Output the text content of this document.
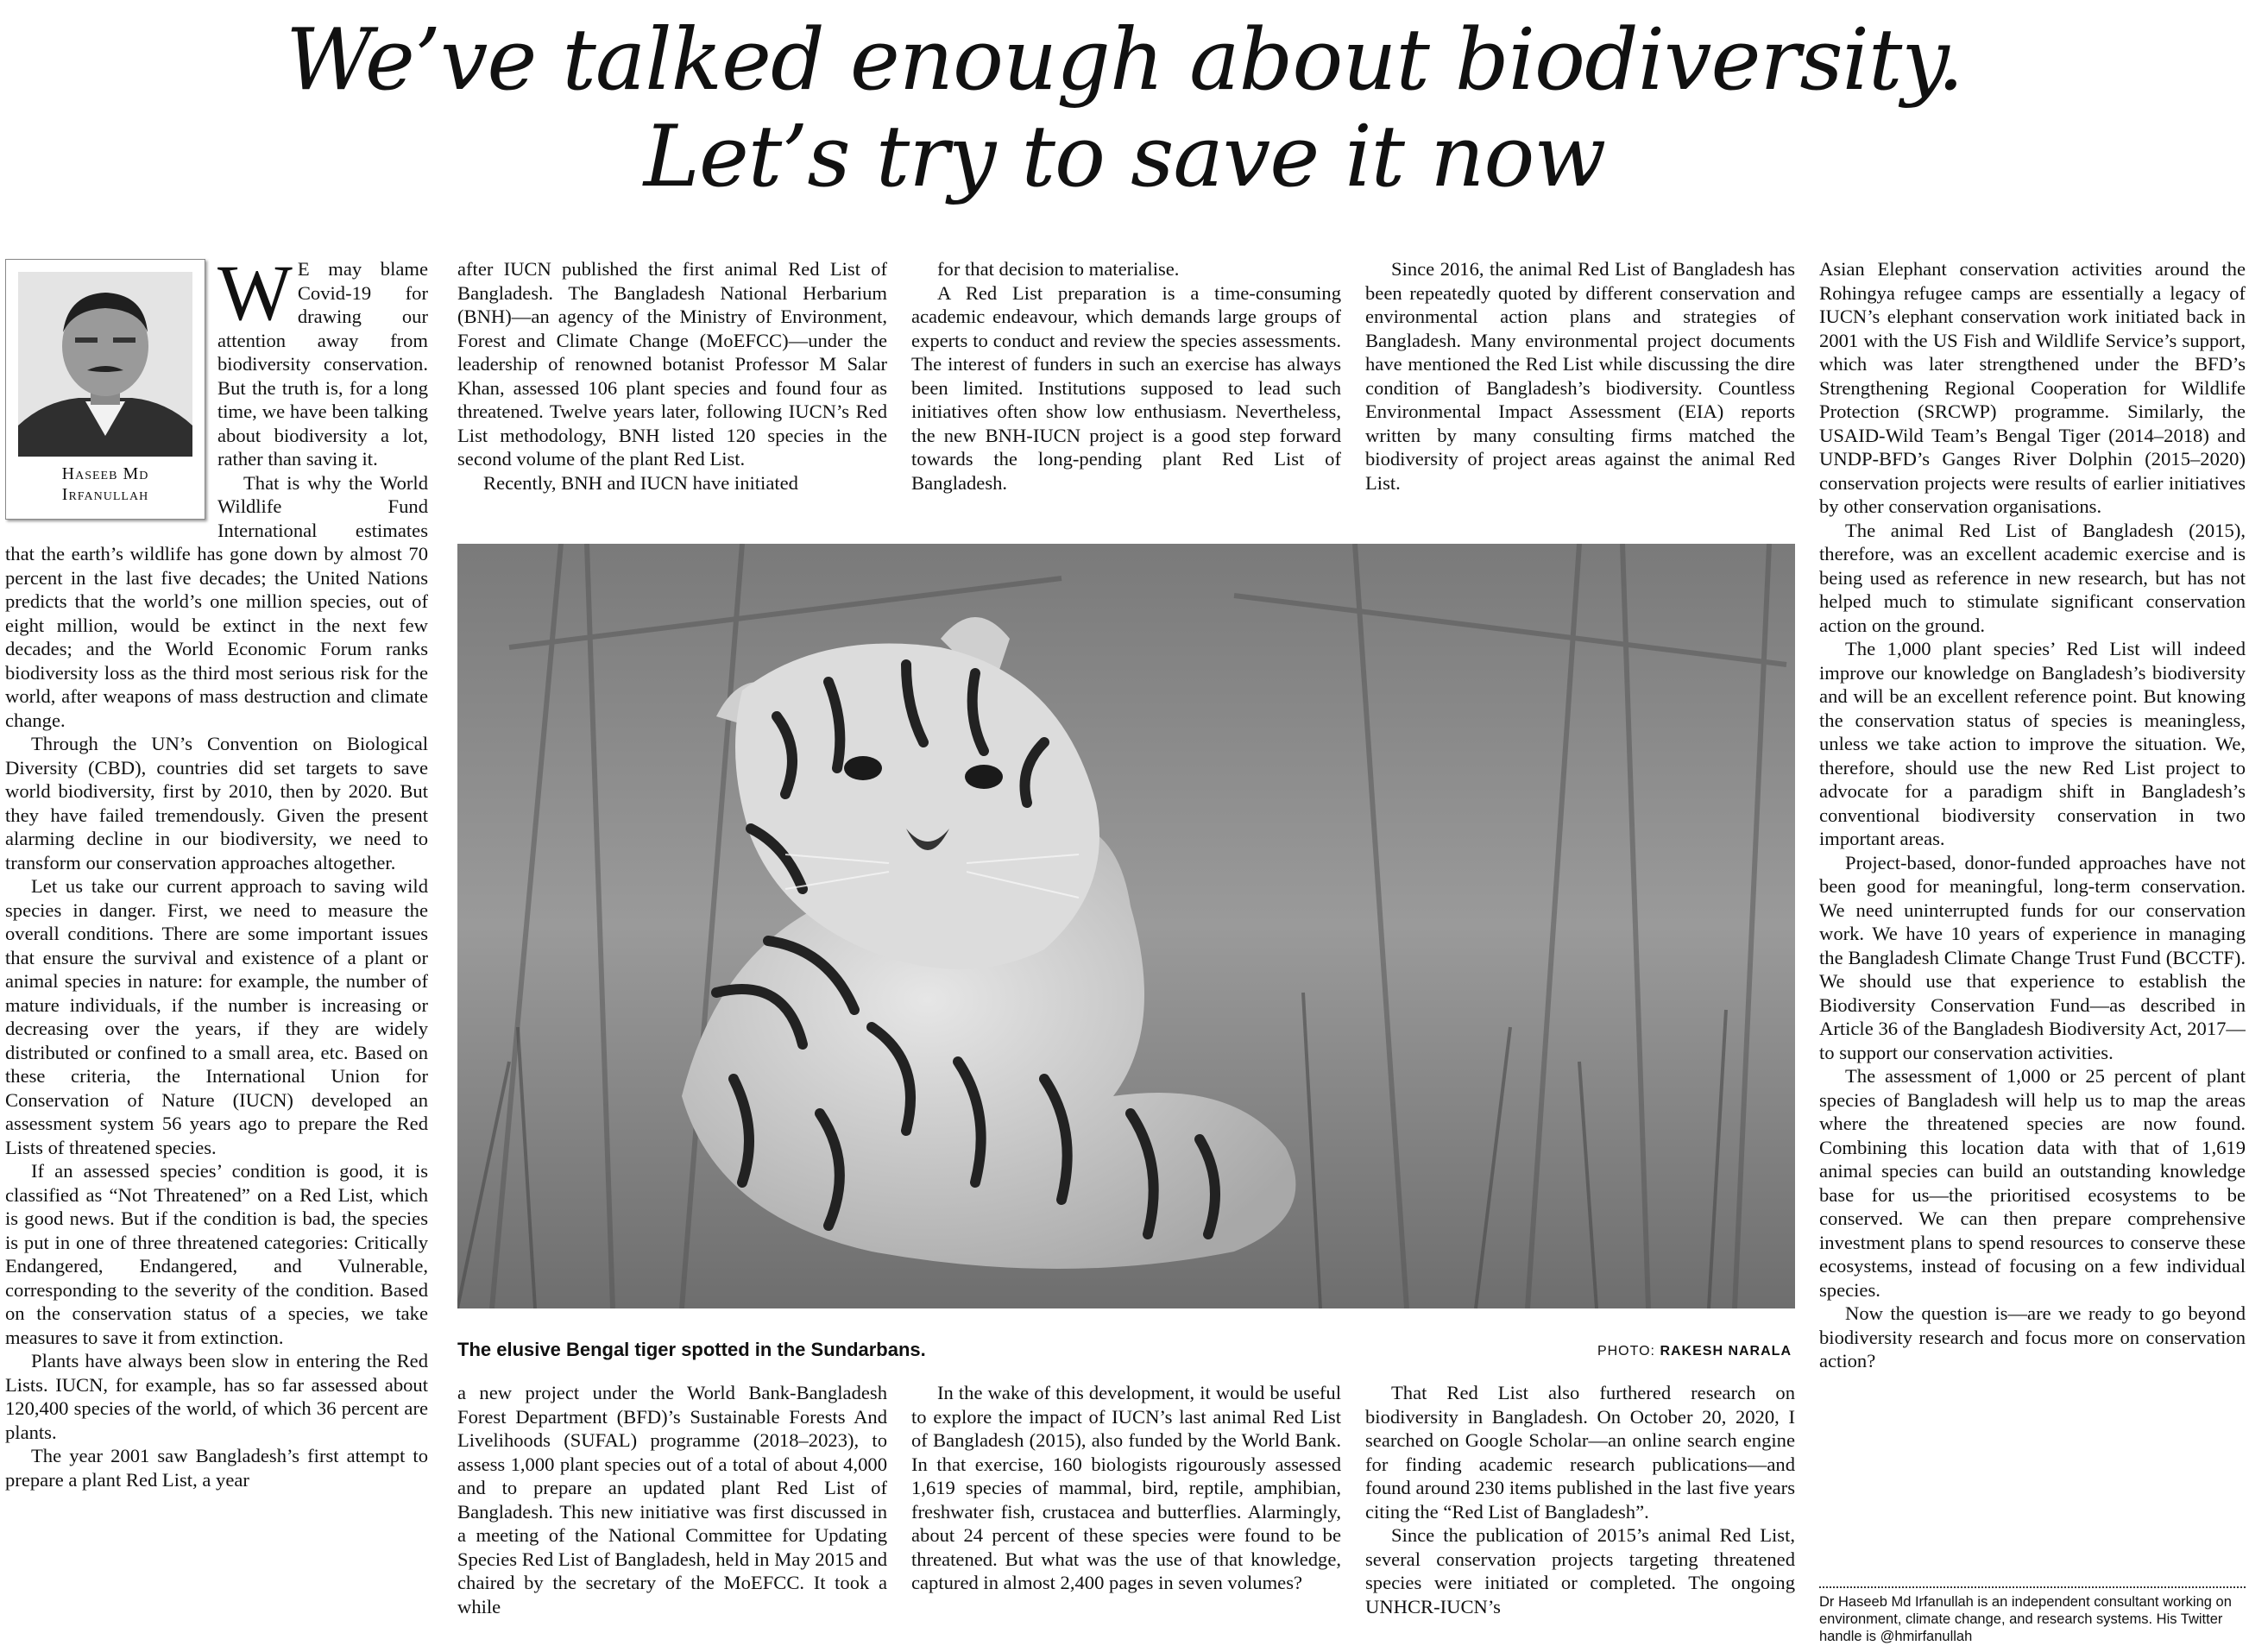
We’ve talked enough about biodiversity.
Let’s try to save it now
Haseeb Md
Irfanullah

W E may blame Covid-19 for drawing our attention away from biodiversity conservation. But the truth is, for a long time, we have been talking about biodiversity a lot, rather than saving it.

That is why the World Wildlife Fund International estimates that the earth’s wildlife has gone down by almost 70 percent in the last five decades; the United Nations predicts that the world’s one million species, out of eight million, would be extinct in the next few decades; and the World Economic Forum ranks biodiversity loss as the third most serious risk for the world, after weapons of mass destruction and climate change.

Through the UN’s Convention on Biological Diversity (CBD), countries did set targets to save world biodiversity, first by 2010, then by 2020. But they have failed tremendously. Given the present alarming decline in our biodiversity, we need to transform our conservation approaches altogether.

Let us take our current approach to saving wild species in danger. First, we need to measure the overall conditions. There are some important issues that ensure the survival and existence of a plant or animal species in nature: for example, the number of mature individuals, if the number is increasing or decreasing over the years, if they are widely distributed or confined to a small area, etc. Based on these criteria, the International Union for Conservation of Nature (IUCN) developed an assessment system 56 years ago to prepare the Red Lists of threatened species.

If an assessed species’ condition is good, it is classified as “Not Threatened” on a Red List, which is good news. But if the condition is bad, the species is put in one of three threatened categories: Critically Endangered, Endangered, and Vulnerable, corresponding to the severity of the condition. Based on the conservation status of a species, we take measures to save it from extinction.

Plants have always been slow in entering the Red Lists. IUCN, for example, has so far assessed about 120,400 species of the world, of which 36 percent are plants.

The year 2001 saw Bangladesh’s first attempt to prepare a plant Red List, a year

after IUCN published the first animal Red List of Bangladesh. The Bangladesh National Herbarium (BNH)—an agency of the Ministry of Environment, Forest and Climate Change (MoEFCC)—under the leadership of renowned botanist Professor M Salar Khan, assessed 106 plant species and found four as threatened. Twelve years later, following IUCN’s Red List methodology, BNH listed 120 species in the second volume of the plant Red List.

Recently, BNH and IUCN have initiated

for that decision to materialise.

A Red List preparation is a time-consuming academic endeavour, which demands large groups of experts to conduct and review the species assessments. The interest of funders in such an exercise has always been limited. Institutions supposed to lead such initiatives often show low enthusiasm. Nevertheless, the new BNH-IUCN project is a good step forward towards the long-pending plant Red List of Bangladesh.

Since 2016, the animal Red List of Bangladesh has been repeatedly quoted by different conservation and environmental action plans and strategies of Bangladesh. Many environmental project documents have mentioned the Red List while discussing the dire condition of Bangladesh’s biodiversity. Countless Environmental Impact Assessment (EIA) reports written by many consulting firms matched the biodiversity of project areas against the animal Red List.

The elusive Bengal tiger spotted in the Sundarbans.	PHOTO: RAKESH NARALA

a new project under the World Bank-Bangladesh Forest Department (BFD)’s Sustainable Forests And Livelihoods (SUFAL) programme (2018–2023), to assess 1,000 plant species out of a total of about 4,000 and to prepare an updated plant Red List of Bangladesh. This new initiative was first discussed in a meeting of the National Committee for Updating Species Red List of Bangladesh, held in May 2015 and chaired by the secretary of the MoEFCC. It took a while

In the wake of this development, it would be useful to explore the impact of IUCN’s last animal Red List of Bangladesh (2015), also funded by the World Bank. In that exercise, 160 biologists rigourously assessed 1,619 species of mammal, bird, reptile, amphibian, freshwater fish, crustacea and butterflies. Alarmingly, about 24 percent of these species were found to be threatened. But what was the use of that knowledge, captured in almost 2,400 pages in seven volumes?

That Red List also furthered research on biodiversity in Bangladesh. On October 20, 2020, I searched on Google Scholar—an online search engine for finding academic research publications—and found around 230 items published in the last five years citing the “Red List of Bangladesh”.

Since the publication of 2015’s animal Red List, several conservation projects targeting threatened species were initiated or completed. The ongoing UNHCR-IUCN’s

Asian Elephant conservation activities around the Rohingya refugee camps are essentially a legacy of IUCN’s elephant conservation work initiated back in 2001 with the US Fish and Wildlife Service’s support, which was later strengthened under the BFD’s Strengthening Regional Cooperation for Wildlife Protection (SRCWP) programme. Similarly, the USAID-Wild Team’s Bengal Tiger (2014–2018) and UNDP-BFD’s Ganges River Dolphin (2015–2020) conservation projects were results of earlier initiatives by other conservation organisations.

The animal Red List of Bangladesh (2015), therefore, was an excellent academic exercise and is being used as reference in new research, but has not helped much to stimulate significant conservation action on the ground.

The 1,000 plant species’ Red List will indeed improve our knowledge on Bangladesh’s biodiversity and will be an excellent reference point. But knowing the conservation status of species is meaningless, unless we take action to improve the situation. We, therefore, should use the new Red List project to advocate for a paradigm shift in Bangladesh’s conventional biodiversity conservation in two important areas.

Project-based, donor-funded approaches have not been good for meaningful, long-term conservation. We need uninterrupted funds for our conservation work. We have 10 years of experience in managing the Bangladesh Climate Change Trust Fund (BCCTF). We should use that experience to establish the Biodiversity Conservation Fund—as described in Article 36 of the Bangladesh Biodiversity Act, 2017—to support our conservation activities.

The assessment of 1,000 or 25 percent of plant species of Bangladesh will help us to map the areas where the threatened species are now found. Combining this location data with that of 1,619 animal species can build an outstanding knowledge base for us—the prioritised ecosystems to be conserved. We can then prepare comprehensive investment plans to spend resources to conserve these ecosystems, instead of focusing on a few individual species.

Now the question is—are we ready to go beyond biodiversity research and focus more on conservation action?

Dr Haseeb Md Irfanullah is an independent consultant working on environment, climate change, and research systems. His Twitter handle is @hmirfanullah
